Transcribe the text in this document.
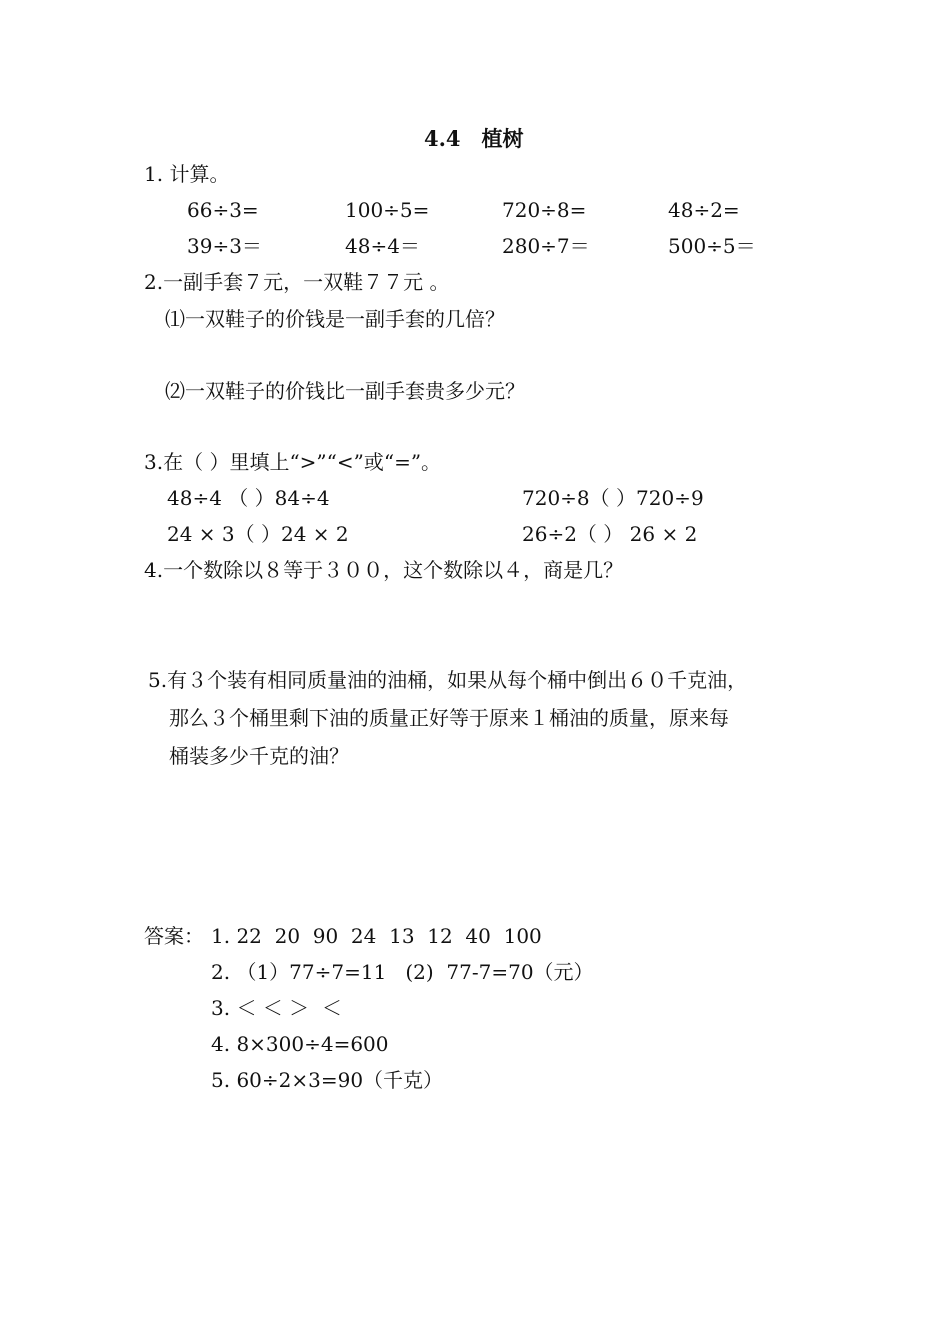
4.4　植树
1. 计算。
66÷3=	100÷5=	720÷8=	48÷2=
39÷3＝	48÷4＝	280÷7＝	500÷5＝
2.一副手套７元，一双鞋７７元 。
⑴一双鞋子的价钱是一副手套的几倍？
⑵一双鞋子的价钱比一副手套贵多少元？
3.在（ ）里填上“>”“<”或“=”。
48÷4 （ ）84÷4	720÷8（ ）720÷9
24 × 3（ ）24 × 2	26÷2（ ） 26 × 2
4.一个数除以８等于３００，这个数除以４，商是几？
5.有３个装有相同质量油的油桶，如果从每个桶中倒出６０千克油，
那么３个桶里剩下油的质量正好等于原来１桶油的质量，原来每
桶装多少千克的油？
答案： 1. 22  20  90  24  13  12  40  100
2. （1）77÷7=11   (2)  77-7=70（元）
3. ＜ ＜ ＞  ＜
4. 8×300÷4=600
5. 60÷2×3=90（千克）
